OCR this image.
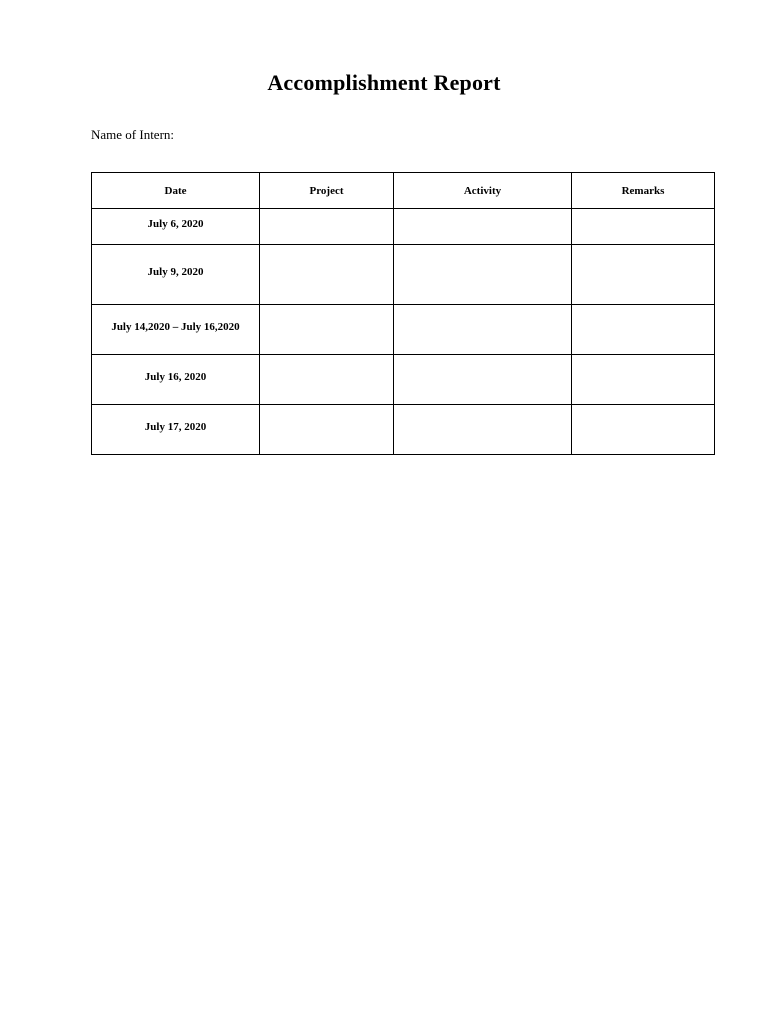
Accomplishment Report

Name of Intern:

Date	Project	Activity	Remarks
July 6, 2020			
July 9, 2020			
July 14,2020 – July 16,2020			
July 16, 2020			
July 17, 2020			
